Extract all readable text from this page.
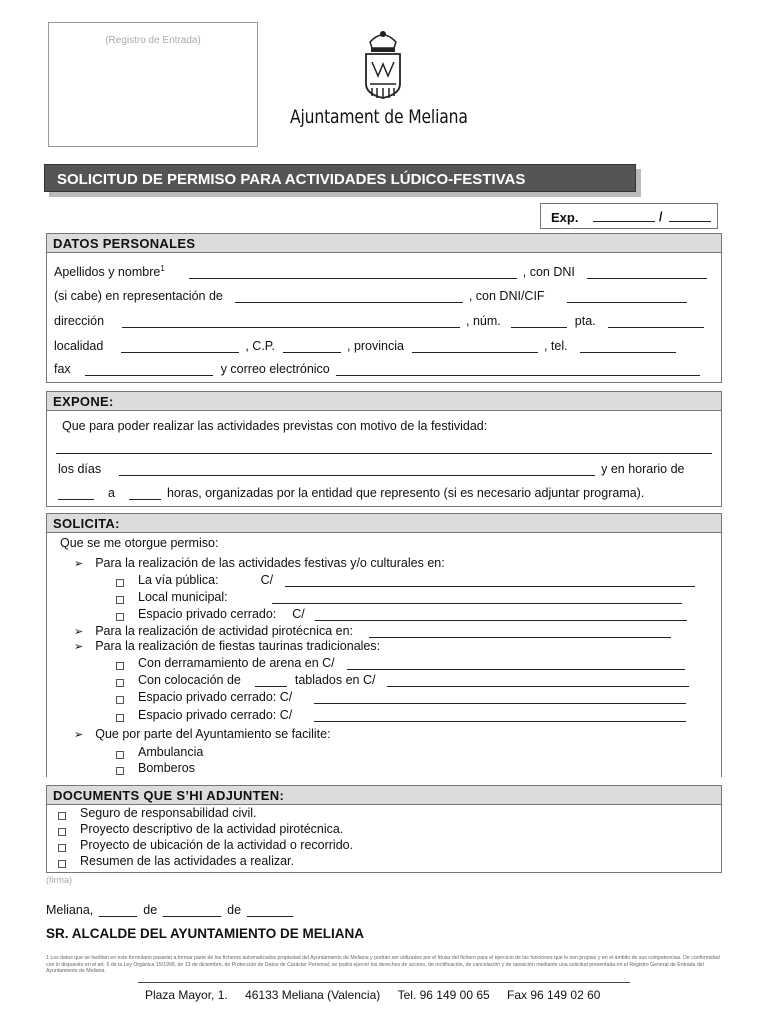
(Registro de Entrada)
Ajuntament de Meliana
SOLICITUD DE PERMISO PARA ACTIVIDADES LÚDICO-FESTIVAS
Exp.	/
DATOS PERSONALES
Apellidos y nombre$^1$	, con DNI
(si cabe) en representación de	, con DNI/CIF
dirección	, núm.	pta.
localidad	, C.P.	, provincia	, tel.
fax	y correo electrónico
EXPONE:
Que para poder realizar las actividades previstas con motivo de la festividad:
los días	y en horario de
a	horas, organizadas por la entidad que represento (si es necesario adjuntar programa).
SOLICITA:
Que se me otorgue permiso:
➢ Para la realización de las actividades festivas y/o culturales en:
La vía pública:	C/
Local municipal:
Espacio privado cerrado: C/
➢ Para la realización de actividad pirotécnica en:
➢ Para la realización de fiestas taurinas tradicionales:
Con derramamiento de arena en C/
Con colocación de	tablados en C/
Espacio privado cerrado: C/
Espacio privado cerrado: C/
➢ Que por parte del Ayuntamiento se facilite:
Ambulancia
Bomberos
DOCUMENTS QUE S’HI ADJUNTEN:
Seguro de responsabilidad civil.
Proyecto descriptivo de la actividad pirotécnica.
Proyecto de ubicación de la actividad o recorrido.
Resumen de las actividades a realizar.
(firma)
Meliana,	de	de
SR. ALCALDE DEL AYUNTAMIENTO DE MELIANA
1 Los datos que se facilitan en este formulario pasarán a formar parte de los ficheros automatizados propiedad del Ayuntamiento de Meliana y podrán ser utilizados por el titular del fichero para el ejercicio de las funciones que le son propias y en el ámbito de sus competencias. De conformidad con lo dispuesto en el art. 5 de la Ley Orgánica 15/1999, de 13 de diciembre, de Protección de Datos de Carácter Personal, se podrá ejercer los derechos de acceso, de rectificación, de cancelación y de oposición mediante una solicitud presentada en el Registro General de Entrada del Ayuntamiento de Meliana.
Plaza Mayor, 1. 46133 Meliana (Valencia) Tel. 96 149 00 65 Fax 96 149 02 60
